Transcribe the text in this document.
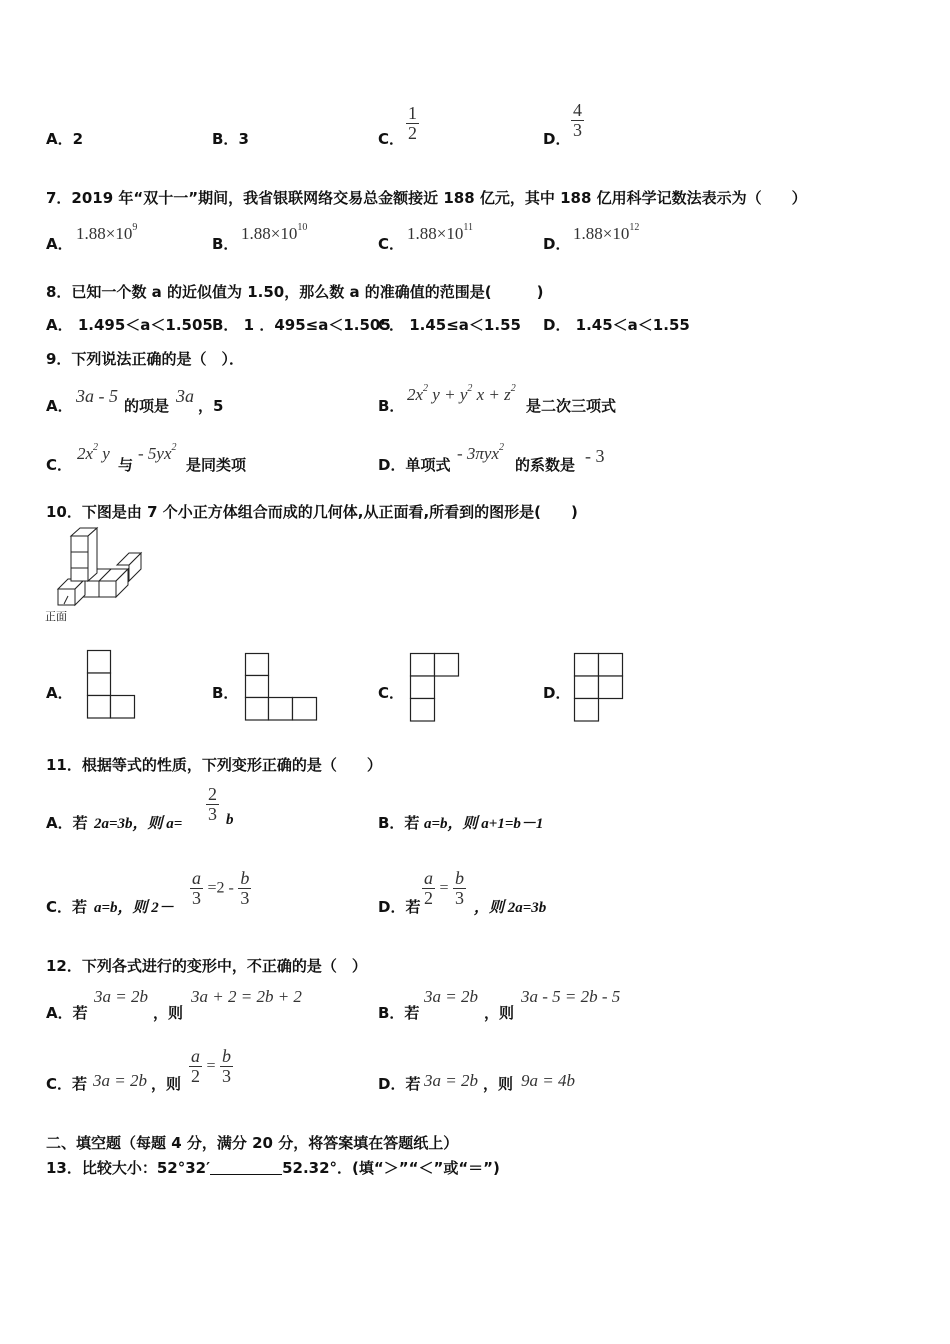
A．2	B．3	C． $\frac{1}{2}$	D． $\frac{4}{3}$
7．2019 年“双十一”期间，我省银联网络交易总金额接近 188 亿元，其中 188 亿用科学记数法表示为（　　）
A．
$1.88\times 10^9$
B．
$1.88\times 10^{10}$
C．
$1.88\times 10^{11}$
D．
$1.88\times 10^{12}$
8．已知一个数 a 的近似值为 1.50，那么数 a 的准确值的范围是(　　　)
A． 1.495＜a＜1.505 B． 1 ．495≤a＜1.505
C． 1.45≤a＜1.55 D． 1.45＜a＜1.55
9．下列说法正确的是（　）．
A． 3a - 5 的项是 3a ，5	B．
$2x^2$ $y + y^2$ $x + z^2$
是二次三项式
C．
$2x^2$ y
与
- $5yx^2$
是同类项	D．单项式
- 3πyx$^2$
的系数是 - 3
10．下图是由 7 个小正方体组合而成的几何体,从正面看,所看到的图形是(　　)
正面
A．	B．	C．	D．
11．根据等式的性质，下列变形正确的是（　　）
A．若 2a=3b，则 a=
$\frac{2}{3}$ b	B．若 a=b，则 a+1=b－1
C．若 a=b，则 2－
$\frac{a}{3} =2 - \frac{b}{3}$	D．若 $\frac{a}{2} = \frac{b}{3}$
，则 2a=3b
12．下列各式进行的变形中，不正确的是（　）
A．若
3a = 2b
，则
3a + 2 = 2b + 2
B．若
3a = 2b
，则
3a - 5 = 2b - 5
C．若 3a = 2b ，则 $\frac{a}{2} = \frac{b}{3}$	D．若 3a = 2b ，则 9a = 4b
二、填空题（每题 4 分，满分 20 分，将答案填在答题纸上）
13．比较大小：52°32′	52.32°．(填“＞”“＜”或“＝”)
